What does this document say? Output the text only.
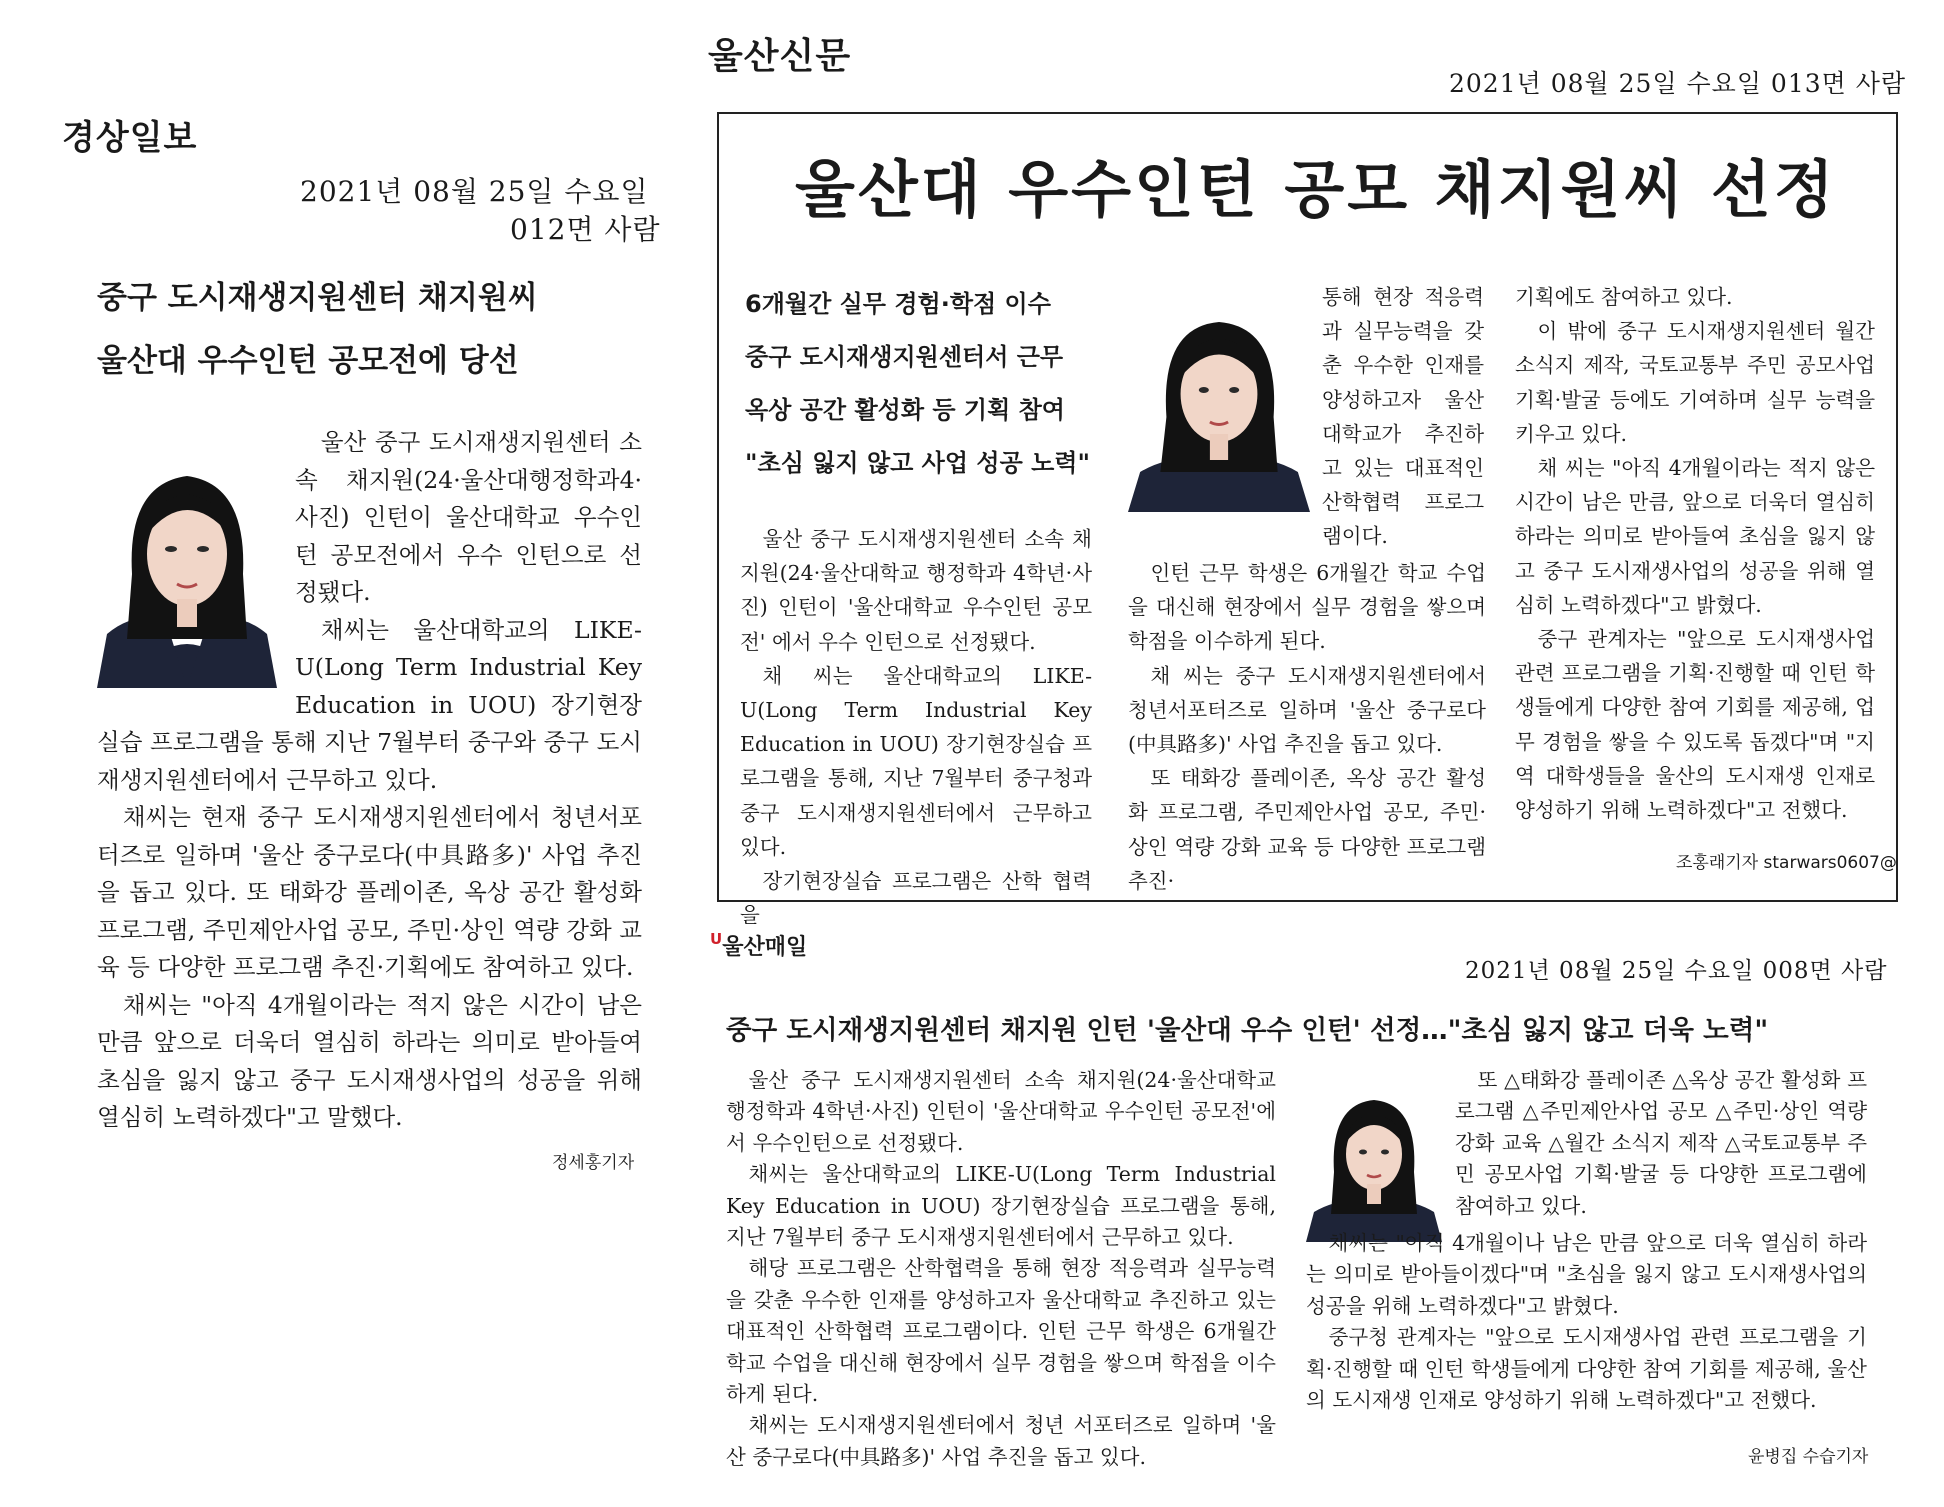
경상일보
2021년 08월 25일 수요일
012면 사람
중구 도시재생지원센터 채지원씨
울산대 우수인턴 공모전에 당선

울산 중구 도시재생지원센터 소속 채지원(24·울산대행정학과4·사진) 인턴이 울산대학교 우수인턴 공모전에서 우수 인턴으로 선정됐다.

채씨는 울산대학교의 LIKE-U(Long Term Industrial Key Education in UOU) 장기현장실습 프로그램을 통해 지난 7월부터 중구와 중구 도시재생지원센터에서 근무하고 있다.

채씨는 현재 중구 도시재생지원센터에서 청년서포터즈로 일하며 '울산 중구로다(中具路多)' 사업 추진을 돕고 있다. 또 태화강 플레이존, 옥상 공간 활성화 프로그램, 주민제안사업 공모, 주민·상인 역량 강화 교육 등 다양한 프로그램 추진·기획에도 참여하고 있다.

채씨는 "아직 4개월이라는 적지 않은 시간이 남은 만큼 앞으로 더욱더 열심히 하라는 의미로 받아들여 초심을 잃지 않고 중구 도시재생사업의 성공을 위해 열심히 노력하겠다"고 말했다.

정세홍기자
울산신문
2021년 08월 25일 수요일 013면 사람
울산대 우수인턴 공모 채지원씨 선정
6개월간 실무 경험·학점 이수
중구 도시재생지원센터서 근무
옥상 공간 활성화 등 기획 참여
"초심 잃지 않고 사업 성공 노력"

울산 중구 도시재생지원센터 소속 채지원(24·울산대학교 행정학과 4학년·사진) 인턴이 '울산대학교 우수인턴 공모전' 에서 우수 인턴으로 선정됐다.

채 씨는 울산대학교의 LIKE-U(Long Term Industrial Key Education in UOU) 장기현장실습 프로그램을 통해, 지난 7월부터 중구청과 중구 도시재생지원센터에서 근무하고 있다.

장기현장실습 프로그램은 산학 협력을

통해 현장 적응력과 실무능력을 갖춘 우수한 인재를 양성하고자 울산대학교가 추진하고 있는 대표적인 산학협력 프로그램이다.

인턴 근무 학생은 6개월간 학교 수업을 대신해 현장에서 실무 경험을 쌓으며 학점을 이수하게 된다.

채 씨는 중구 도시재생지원센터에서 청년서포터즈로 일하며 '울산 중구로다(中具路多)' 사업 추진을 돕고 있다.

또 태화강 플레이존, 옥상 공간 활성화 프로그램, 주민제안사업 공모, 주민·상인 역량 강화 교육 등 다양한 프로그램 추진·

기획에도 참여하고 있다.

이 밖에 중구 도시재생지원센터 월간 소식지 제작, 국토교통부 주민 공모사업 기획·발굴 등에도 기여하며 실무 능력을 키우고 있다.

채 씨는 "아직 4개월이라는 적지 않은 시간이 남은 만큼, 앞으로 더욱더 열심히 하라는 의미로 받아들여 초심을 잃지 않고 중구 도시재생사업의 성공을 위해 열심히 노력하겠다"고 밝혔다.

중구 관계자는 "앞으로 도시재생사업 관련 프로그램을 기획·진행할 때 인턴 학생들에게 다양한 참여 기회를 제공해, 업무 경험을 쌓을 수 있도록 돕겠다"며 "지역 대학생들을 울산의 도시재생 인재로 양성하기 위해 노력하겠다"고 전했다.

조홍래기자 starwars0607@
$^U$울산매일
2021년 08월 25일 수요일 008면 사람
중구 도시재생지원센터 채지원 인턴 '울산대 우수 인턴' 선정…"초심 잃지 않고 더욱 노력"

울산 중구 도시재생지원센터 소속 채지원(24·울산대학교 행정학과 4학년·사진) 인턴이 '울산대학교 우수인턴 공모전'에서 우수인턴으로 선정됐다.

채씨는 울산대학교의 LIKE-U(Long Term Industrial Key Education in UOU) 장기현장실습 프로그램을 통해, 지난 7월부터 중구 도시재생지원센터에서 근무하고 있다.

해당 프로그램은 산학협력을 통해 현장 적응력과 실무능력을 갖춘 우수한 인재를 양성하고자 울산대학교 추진하고 있는 대표적인 산학협력 프로그램이다. 인턴 근무 학생은 6개월간 학교 수업을 대신해 현장에서 실무 경험을 쌓으며 학점을 이수하게 된다.

채씨는 도시재생지원센터에서 청년 서포터즈로 일하며 '울산 중구로다(中具路多)' 사업 추진을 돕고 있다.

또 △태화강 플레이존 △옥상 공간 활성화 프로그램 △주민제안사업 공모 △주민·상인 역량 강화 교육 △월간 소식지 제작 △국토교통부 주민 공모사업 기획·발굴 등 다양한 프로그램에 참여하고 있다.

채씨는 "아직 4개월이나 남은 만큼 앞으로 더욱 열심히 하라는 의미로 받아들이겠다"며 "초심을 잃지 않고 도시재생사업의 성공을 위해 노력하겠다"고 밝혔다.

중구청 관계자는 "앞으로 도시재생사업 관련 프로그램을 기획·진행할 때 인턴 학생들에게 다양한 참여 기회를 제공해, 울산의 도시재생 인재로 양성하기 위해 노력하겠다"고 전했다.

윤병집 수습기자
